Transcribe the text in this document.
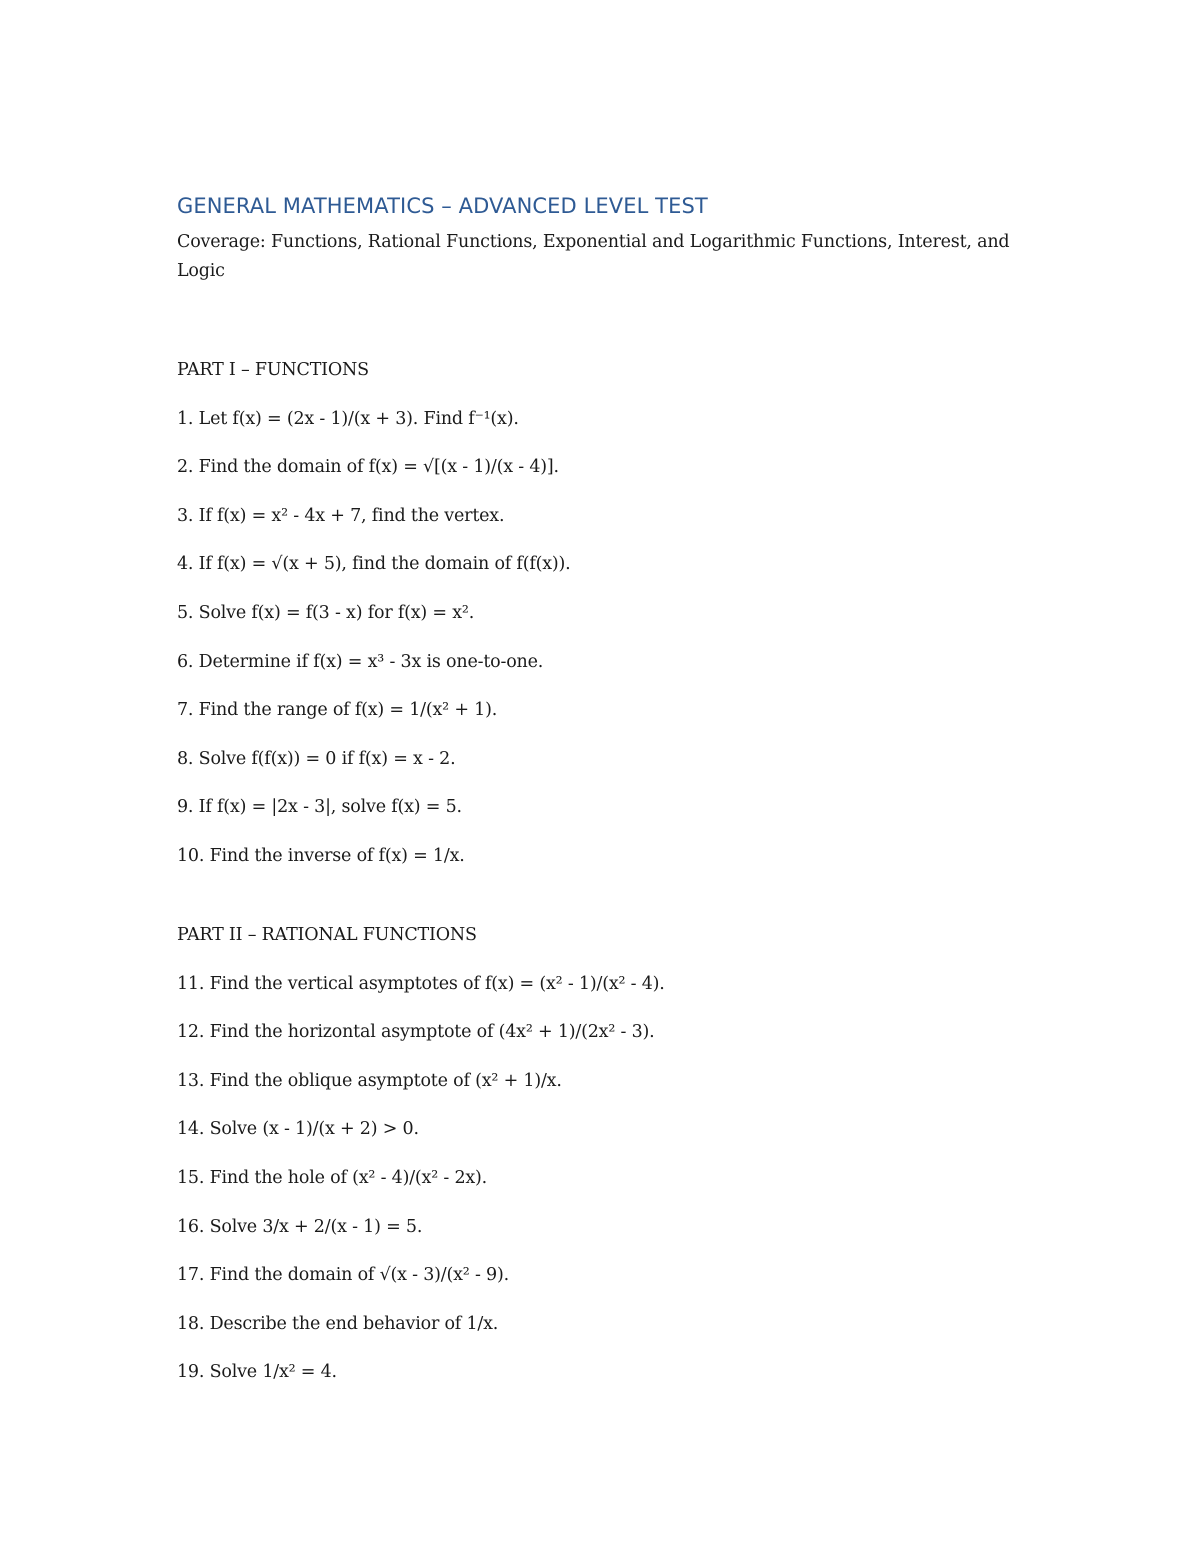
GENERAL MATHEMATICS – ADVANCED LEVEL TEST

Coverage: Functions, Rational Functions, Exponential and Logarithmic Functions, Interest, and Logic

PART I – FUNCTIONS
1. Let f(x) = (2x - 1)/(x + 3). Find f⁻¹(x).
2. Find the domain of f(x) = √[(x - 1)/(x - 4)].
3. If f(x) = x² - 4x + 7, find the vertex.
4. If f(x) = √(x + 5), find the domain of f(f(x)).
5. Solve f(x) = f(3 - x) for f(x) = x².
6. Determine if f(x) = x³ - 3x is one-to-one.
7. Find the range of f(x) = 1/(x² + 1).
8. Solve f(f(x)) = 0 if f(x) = x - 2.
9. If f(x) = |2x - 3|, solve f(x) = 5.
10. Find the inverse of f(x) = 1/x.
PART II – RATIONAL FUNCTIONS
11. Find the vertical asymptotes of f(x) = (x² - 1)/(x² - 4).
12. Find the horizontal asymptote of (4x² + 1)/(2x² - 3).
13. Find the oblique asymptote of (x² + 1)/x.
14. Solve (x - 1)/(x + 2) > 0.
15. Find the hole of (x² - 4)/(x² - 2x).
16. Solve 3/x + 2/(x - 1) = 5.
17. Find the domain of √(x - 3)/(x² - 9).
18. Describe the end behavior of 1/x.
19. Solve 1/x² = 4.
